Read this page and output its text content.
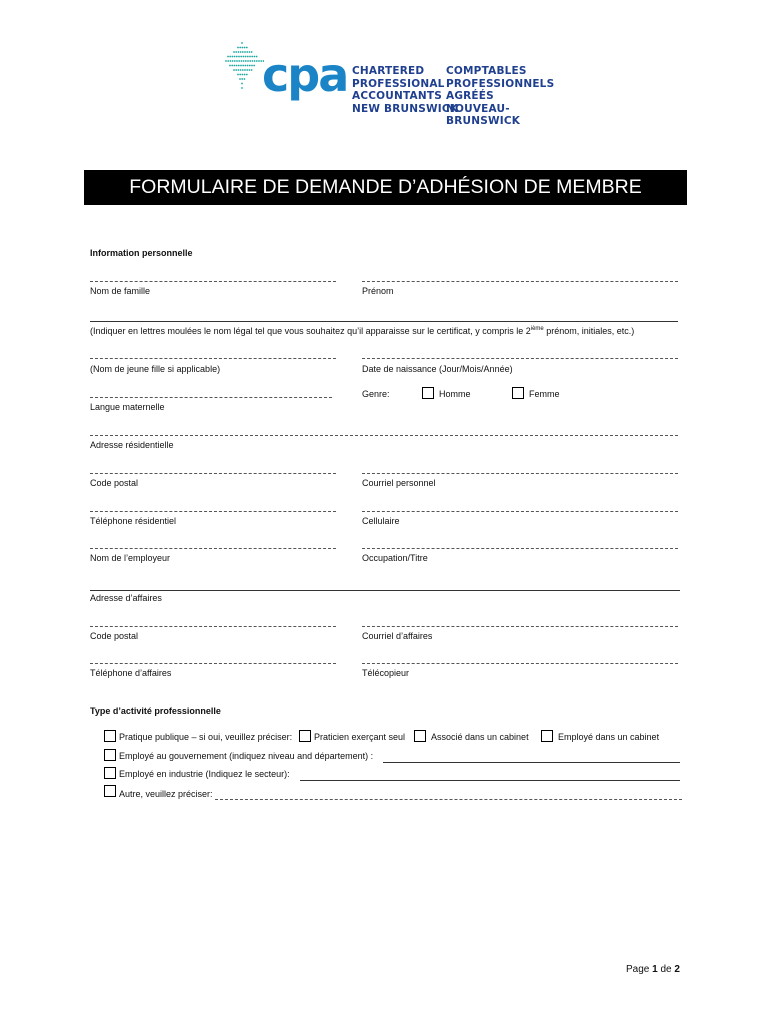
cpa CHARTERED
PROFESSIONAL
ACCOUNTANTS
NEW BRUNSWICK
COMPTABLES
PROFESSIONNELS
AGRÉÉS
NOUVEAU-BRUNSWICK
FORMULAIRE DE DEMANDE D’ADHÉSION DE MEMBRE
Information personnelle
Nom de famille	Prénom
(Indiquer en lettres moulées le nom légal tel que vous souhaitez qu’il apparaisse sur le certificat, y compris le 2ième prénom, initiales, etc.)
(Nom de jeune fille si applicable)	Date de naissance (Jour/Mois/Année)
Langue maternelle
Genre:	Homme	Femme
Adresse résidentielle
Code postal	Courriel personnel
Téléphone résidentiel	Cellulaire
Nom de l’employeur	Occupation/Titre
Adresse d’affaires
Code postal	Courriel d’affaires
Téléphone d’affaires	Télécopieur
Type d’activité professionnelle
Pratique publique – si oui, veuillez préciser: Praticien exerçant seul	Associé dans un cabinet	Employé dans un cabinet
Employé au gouvernement (indiquez niveau and département) :
Employé en industrie (Indiquez le secteur):
Autre, veuillez préciser:
Page 1 de 2
